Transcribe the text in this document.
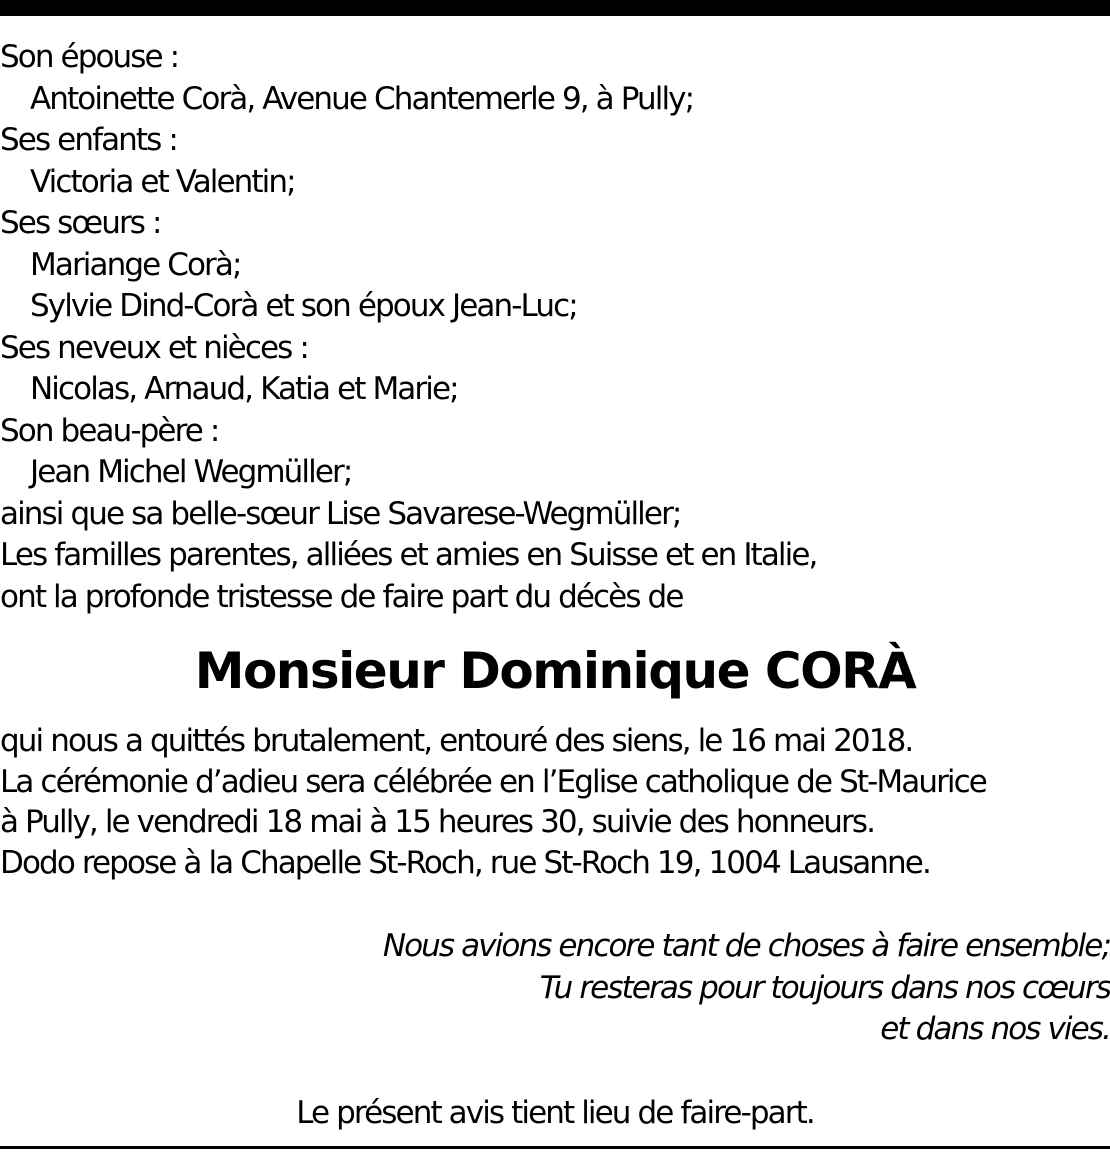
Son épouse :
Antoinette Corà, Avenue Chantemerle 9, à Pully;
Ses enfants :
Victoria et Valentin;
Ses sœurs :
Mariange Corà;
Sylvie Dind-Corà et son époux Jean-Luc;
Ses neveux et nièces :
Nicolas, Arnaud, Katia et Marie;
Son beau-père :
Jean Michel Wegmüller;
ainsi que sa belle-sœur Lise Savarese-Wegmüller;
Les familles parentes, alliées et amies en Suisse et en Italie,
ont la profonde tristesse de faire part du décès de
Monsieur Dominique CORÀ
qui nous a quittés brutalement, entouré des siens, le 16 mai 2018.
La cérémonie d’adieu sera célébrée en l’Eglise catholique de St-Maurice
à Pully, le vendredi 18 mai à 15 heures 30, suivie des honneurs.
Dodo repose à la Chapelle St-Roch, rue St-Roch 19, 1004 Lausanne.
Nous avions encore tant de choses à faire ensemble;
Tu resteras pour toujours dans nos cœurs
et dans nos vies.
Le présent avis tient lieu de faire-part.
